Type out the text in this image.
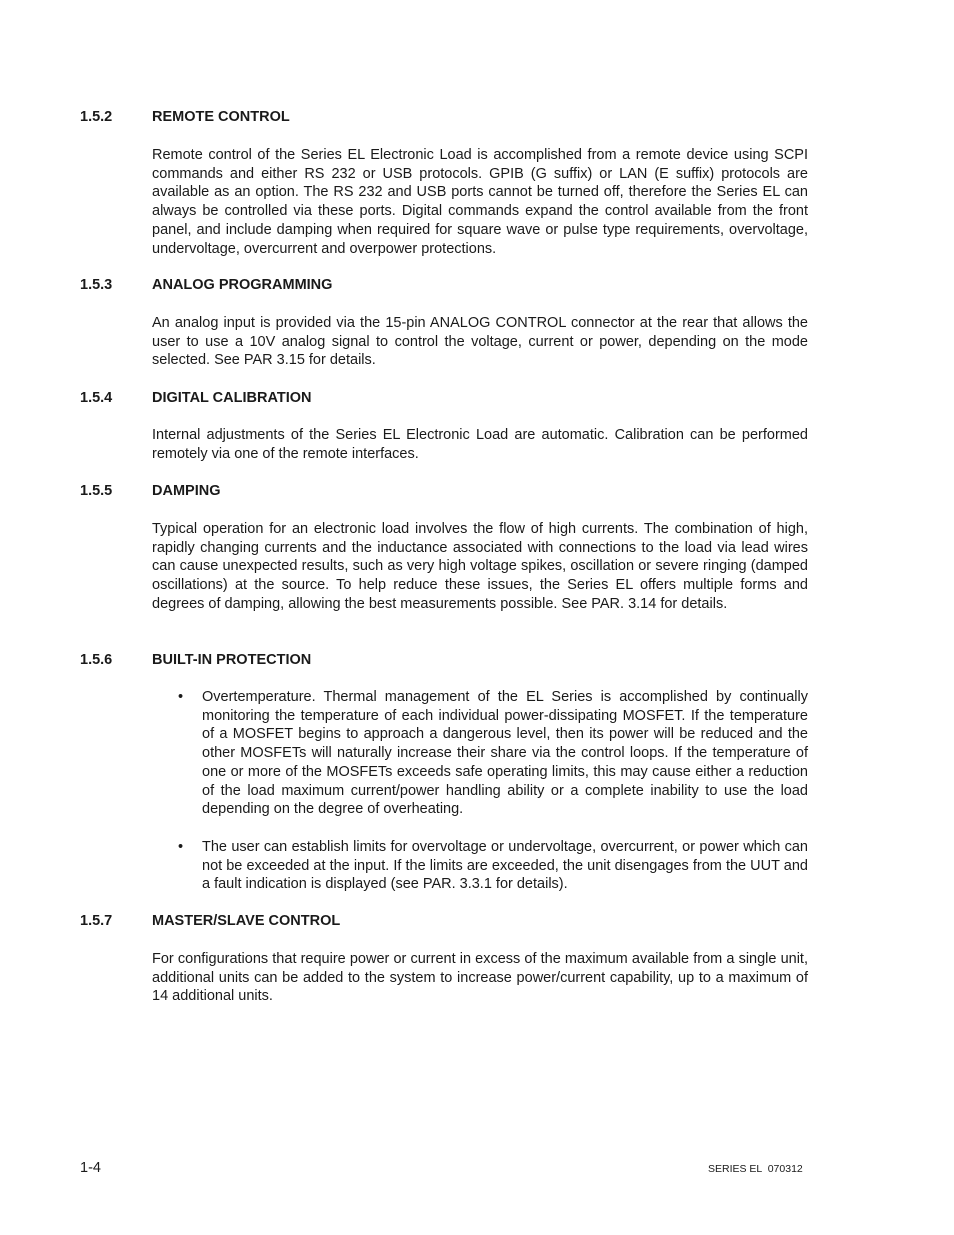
1.5.2	REMOTE CONTROL

Remote control of the Series EL Electronic Load is accomplished from a remote device using SCPI commands and either RS 232 or USB protocols. GPIB (G suffix) or LAN (E suffix) protocols are available as an option. The RS 232 and USB ports cannot be turned off, therefore the Series EL can always be controlled via these ports. Digital commands expand the control available from the front panel, and include damping when required for square wave or pulse type requirements, overvoltage, undervoltage, overcurrent and overpower protections.

1.5.3	ANALOG PROGRAMMING

An analog input is provided via the 15-pin ANALOG CONTROL connector at the rear that allows the user to use a 10V analog signal to control the voltage, current or power, depending on the mode selected. See PAR 3.15 for details.

1.5.4	DIGITAL CALIBRATION

Internal adjustments of the Series EL Electronic Load are automatic. Calibration can be performed remotely via one of the remote interfaces.

1.5.5	DAMPING

Typical operation for an electronic load involves the flow of high currents. The combination of high, rapidly changing currents and the inductance associated with connections to the load via lead wires can cause unexpected results, such as very high voltage spikes, oscillation or severe ringing (damped oscillations) at the source. To help reduce these issues, the Series EL offers multiple forms and degrees of damping, allowing the best measurements possible. See PAR. 3.14 for details.

1.5.6	BUILT-IN PROTECTION
• Overtemperature. Thermal management of the EL Series is accomplished by continually monitoring the temperature of each individual power-dissipating MOSFET. If the temperature of a MOSFET begins to approach a dangerous level, then its power will be reduced and the other MOSFETs will naturally increase their share via the control loops. If the temperature of one or more of the MOSFETs exceeds safe operating limits, this may cause either a reduction of the load maximum current/power handling ability or a complete inability to use the load depending on the degree of overheating.
• The user can establish limits for overvoltage or undervoltage, overcurrent, or power which can not be exceeded at the input. If the limits are exceeded, the unit disengages from the UUT and a fault indication is displayed (see PAR. 3.3.1 for details).
1.5.7	MASTER/SLAVE CONTROL

For configurations that require power or current in excess of the maximum available from a single unit, additional units can be added to the system to increase power/current capability, up to a maximum of 14 additional units.

1-4	SERIES EL  070312
